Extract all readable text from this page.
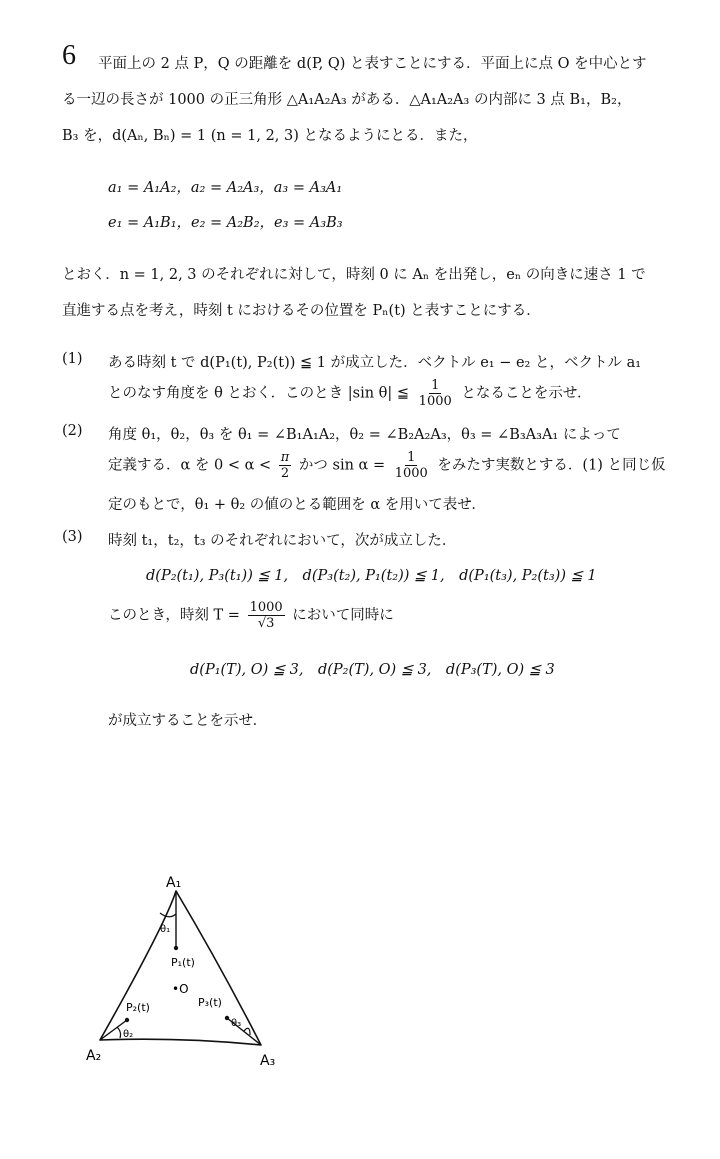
6 平面上の 2 点 P，Q の距離を d(P, Q) と表すことにする．平面上に点 O を中心とす
る一辺の長さが 1000 の正三角形 △A₁A₂A₃ がある．△A₁A₂A₃ の内部に 3 点 B₁，B₂，
B₃ を，d(Aₙ, Bₙ) = 1 (n = 1, 2, 3) となるようにとる．また，
a₁ = A₁A₂，a₂ = A₂A₃，a₃ = A₃A₁
e₁ = A₁B₁，e₂ = A₂B₂，e₃ = A₃B₃
とおく．n = 1, 2, 3 のそれぞれに対して，時刻 0 に Aₙ を出発し，eₙ の向きに速さ 1 で
直進する点を考え，時刻 t におけるその位置を Pₙ(t) と表すことにする．
(1) ある時刻 t で d(P₁(t), P₂(t)) ≦ 1 が成立した．ベクトル e₁ − e₂ と，ベクトル a₁
とのなす角度を θ とおく．このとき |sin θ| ≦ $\frac{1}{1000}$ となることを示せ．
(2) 角度 θ₁，θ₂，θ₃ を θ₁ = ∠B₁A₁A₂，θ₂ = ∠B₂A₂A₃，θ₃ = ∠B₃A₃A₁ によって
定義する．α を $0 < \alpha < \frac{\pi}{2}$ かつ $\sin \alpha = \frac{1}{1000}$ をみたす実数とする．(1) と同じ仮
定のもとで，θ₁ + θ₂ の値のとる範囲を α を用いて表せ．
(3) 時刻 t₁，t₂，t₃ のそれぞれにおいて，次が成立した．
d(P₂(t₁), P₃(t₁)) ≦ 1,　d(P₃(t₂), P₁(t₂)) ≦ 1,　d(P₁(t₃), P₂(t₃)) ≦ 1
このとき，時刻 $T = \frac{1000}{√3}$ において同時に
d(P₁(T), O) ≦ 3,　d(P₂(T), O) ≦ 3,　d(P₃(T), O) ≦ 3
が成立することを示せ．
A₁
A₂	A₃
θ₁
θ₂
θ₃
P₁(t)
•O
P₂(t)	P₃(t)
